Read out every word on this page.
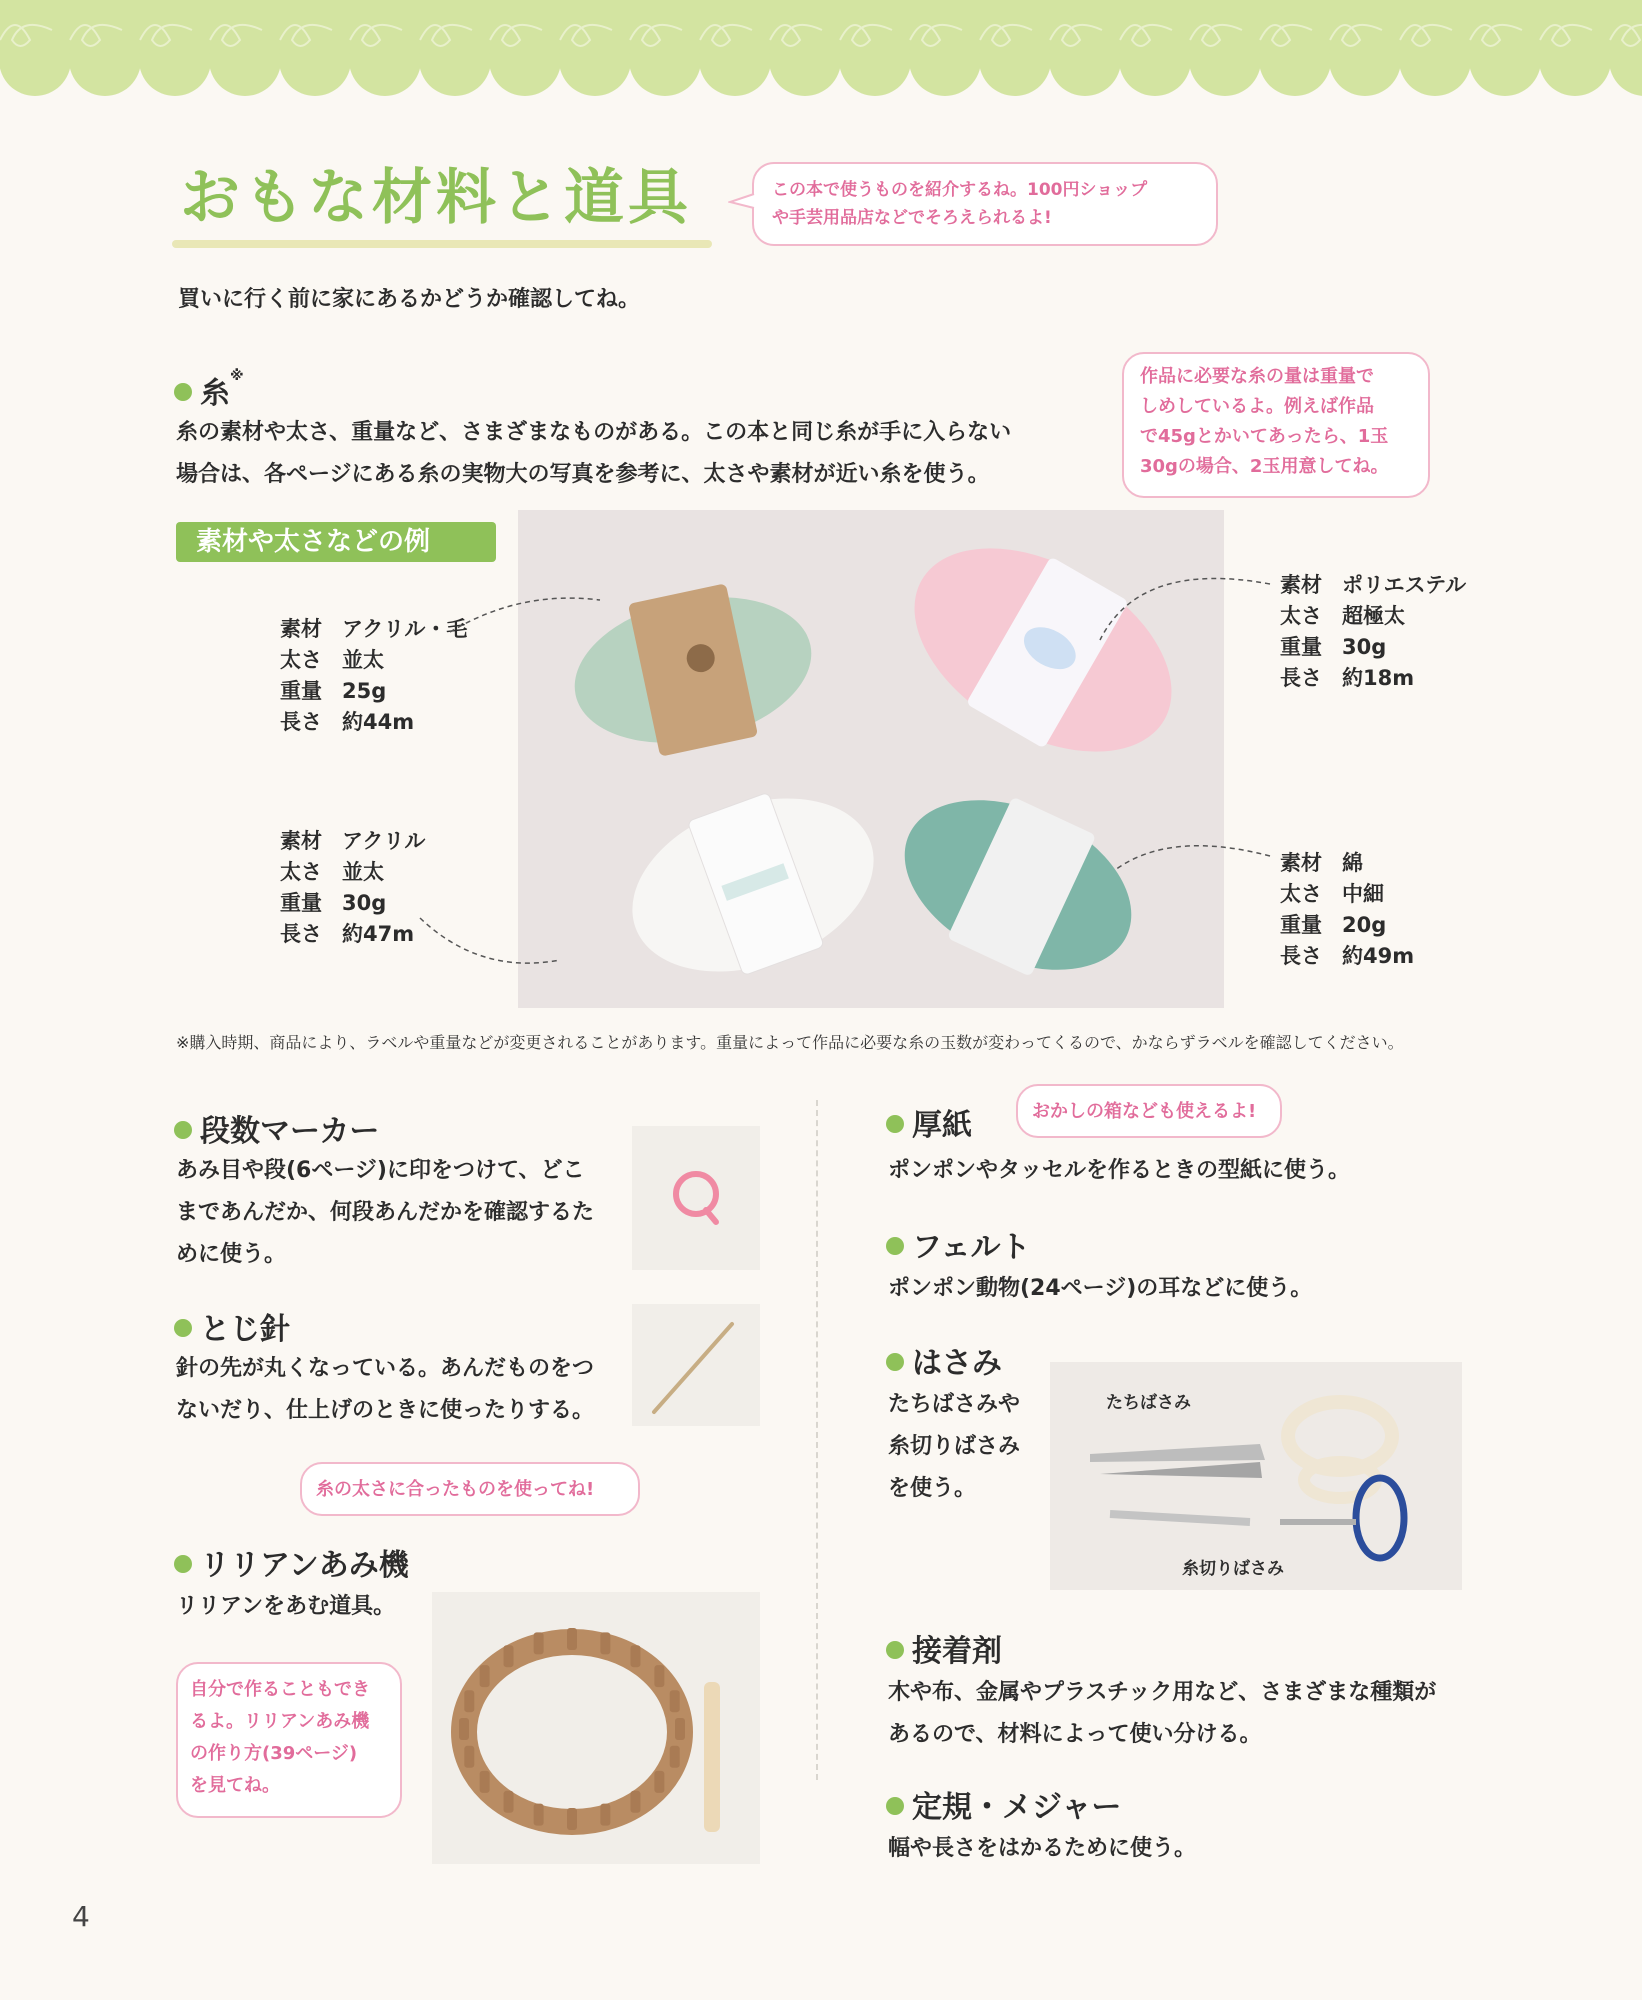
おもな材料と道具	この本で使うものを紹介するね。100円ショップ
や手芸用品店などでそろえられるよ!
買いに行く前に家にあるかどうか確認してね。
糸※
糸の素材や太さ、重量など、さまざまなものがある。この本と同じ糸が手に入らない
場合は、各ページにある糸の実物大の写真を参考に、太さや素材が近い糸を使う。
作品に必要な糸の量は重量で
しめしているよ。例えば作品
で45gとかいてあったら、1玉
30gの場合、2玉用意してね。
素材や太さなどの例
素材 アクリル・毛
太さ 並太
重量 25g
長さ 約44m
素材 ポリエステル
太さ 超極太
重量 30g
長さ 約18m
素材 アクリル
太さ 並太
重量 30g
長さ 約47m
素材 綿
太さ 中細
重量 20g
長さ 約49m
※購入時期、商品により、ラベルや重量などが変更されることがあります。重量によって作品に必要な糸の玉数が変わってくるので、かならずラベルを確認してください。
段数マーカー
あみ目や段(6ページ)に印をつけて、どこ
まであんだか、何段あんだかを確認するた
めに使う。
とじ針
針の先が丸くなっている。あんだものをつ
ないだり、仕上げのときに使ったりする。
糸の太さに合ったものを使ってね!
リリアンあみ機
リリアンをあむ道具。
自分で作ることもでき
るよ。リリアンあみ機
の作り方(39ページ)
を見てね。
厚紙	おかしの箱なども使えるよ!
ポンポンやタッセルを作るときの型紙に使う。
フェルト
ポンポン動物(24ページ)の耳などに使う。
はさみ
たちばさみや
糸切りばさみ
を使う。
たちばさみ
糸切りばさみ
接着剤
木や布、金属やプラスチック用など、さまざまな種類が
あるので、材料によって使い分ける。
定規・メジャー
幅や長さをはかるために使う。
4
